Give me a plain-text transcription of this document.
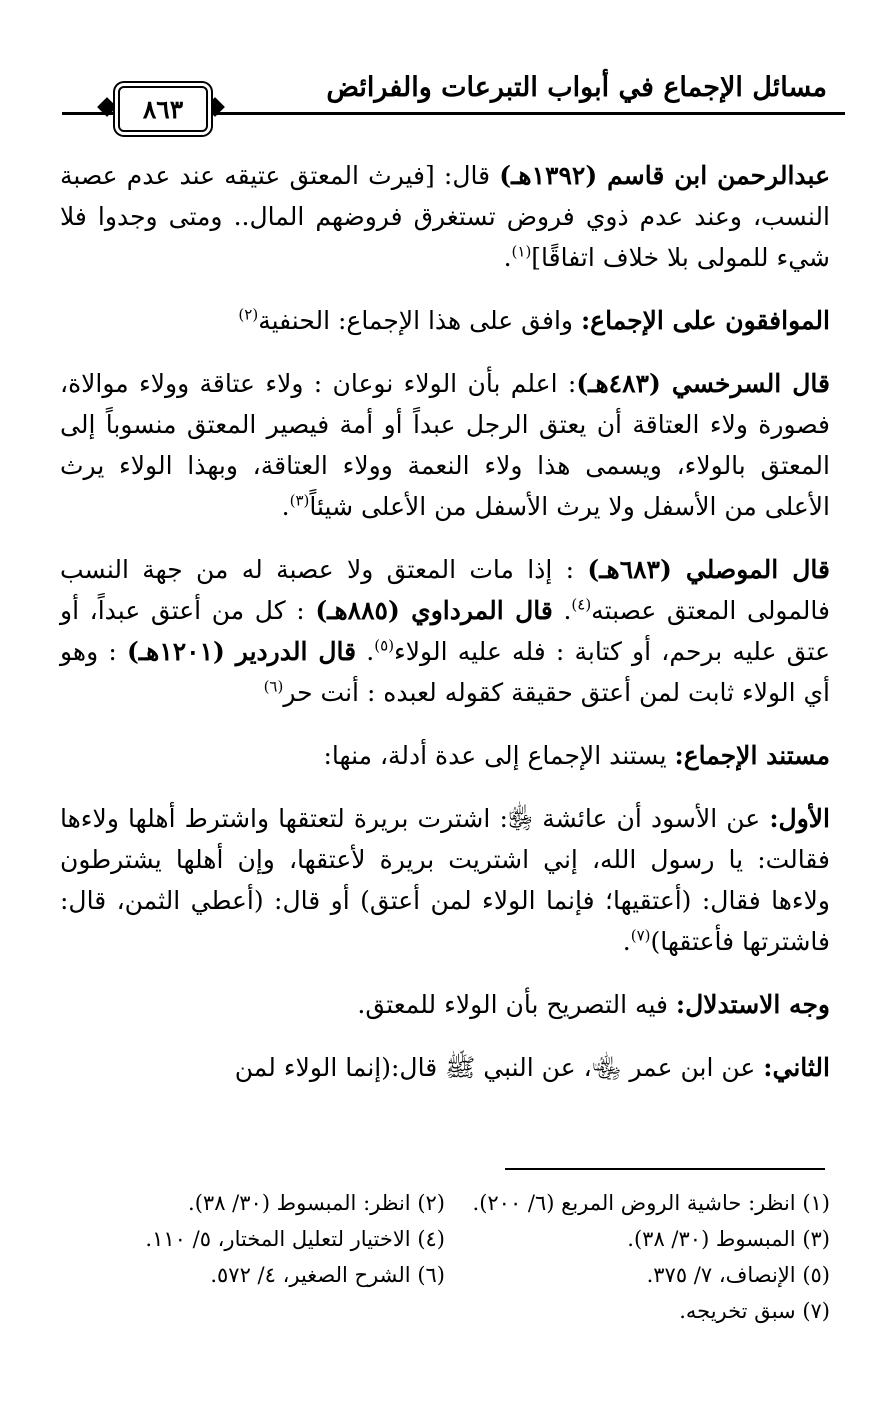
مسائل الإجماع في أبواب التبرعات والفرائض
٨٦٣

عبدالرحمن ابن قاسم (١٣٩٢هـ) قال: [فيرث المعتق عتيقه عند عدم عصبة النسب، وعند عدم ذوي فروض تستغرق فروضهم المال.. ومتى وجدوا فلا شيء للمولى بلا خلاف اتفاقًا]$^{(١)}$.

الموافقون على الإجماع: وافق على هذا الإجماع: الحنفية$^{(٢)}$

قال السرخسي (٤٨٣هـ): اعلم بأن الولاء نوعان : ولاء عتاقة وولاء موالاة، فصورة ولاء العتاقة أن يعتق الرجل عبداً أو أمة فيصير المعتق منسوباً إلى المعتق بالولاء، ويسمى هذا ولاء النعمة وولاء العتاقة، وبهذا الولاء يرث الأعلى من الأسفل ولا يرث الأسفل من الأعلى شيئاً$^{(٣)}$.

قال الموصلي (٦٨٣هـ) : إذا مات المعتق ولا عصبة له من جهة النسب فالمولى المعتق عصبته$^{(٤)}$. قال المرداوي (٨٨٥هـ) : كل من أعتق عبداً، أو عتق عليه برحم، أو كتابة : فله عليه الولاء$^{(٥)}$. قال الدردير (١٢٠١هـ) : وهو أي الولاء ثابت لمن أعتق حقيقة كقوله لعبده : أنت حر$^{(٦)}$

مستند الإجماع: يستند الإجماع إلى عدة أدلة، منها:

الأول: عن الأسود أن عائشة ﵂: اشترت بريرة لتعتقها واشترط أهلها ولاءها فقالت: يا رسول الله، إني اشتريت بريرة لأعتقها، وإن أهلها يشترطون ولاءها فقال: (أعتقيها؛ فإنما الولاء لمن أعتق) أو قال: (أعطي الثمن، قال: فاشترتها فأعتقها)$^{(٧)}$.

وجه الاستدلال: فيه التصريح بأن الولاء للمعتق.

الثاني: عن ابن عمر ﵄، عن النبي ﷺ قال:(إنما الولاء لمن

(١) انظر: حاشية الروض المربع (٦/ ٢٠٠).
(٢) انظر: المبسوط (٣٠/ ٣٨).
(٣) المبسوط (٣٠/ ٣٨).
(٤) الاختيار لتعليل المختار، ٥/ ١١٠.
(٥) الإنصاف، ٧/ ٣٧٥.
(٦) الشرح الصغير، ٤/ ٥٧٢.
(٧) سبق تخريجه.
